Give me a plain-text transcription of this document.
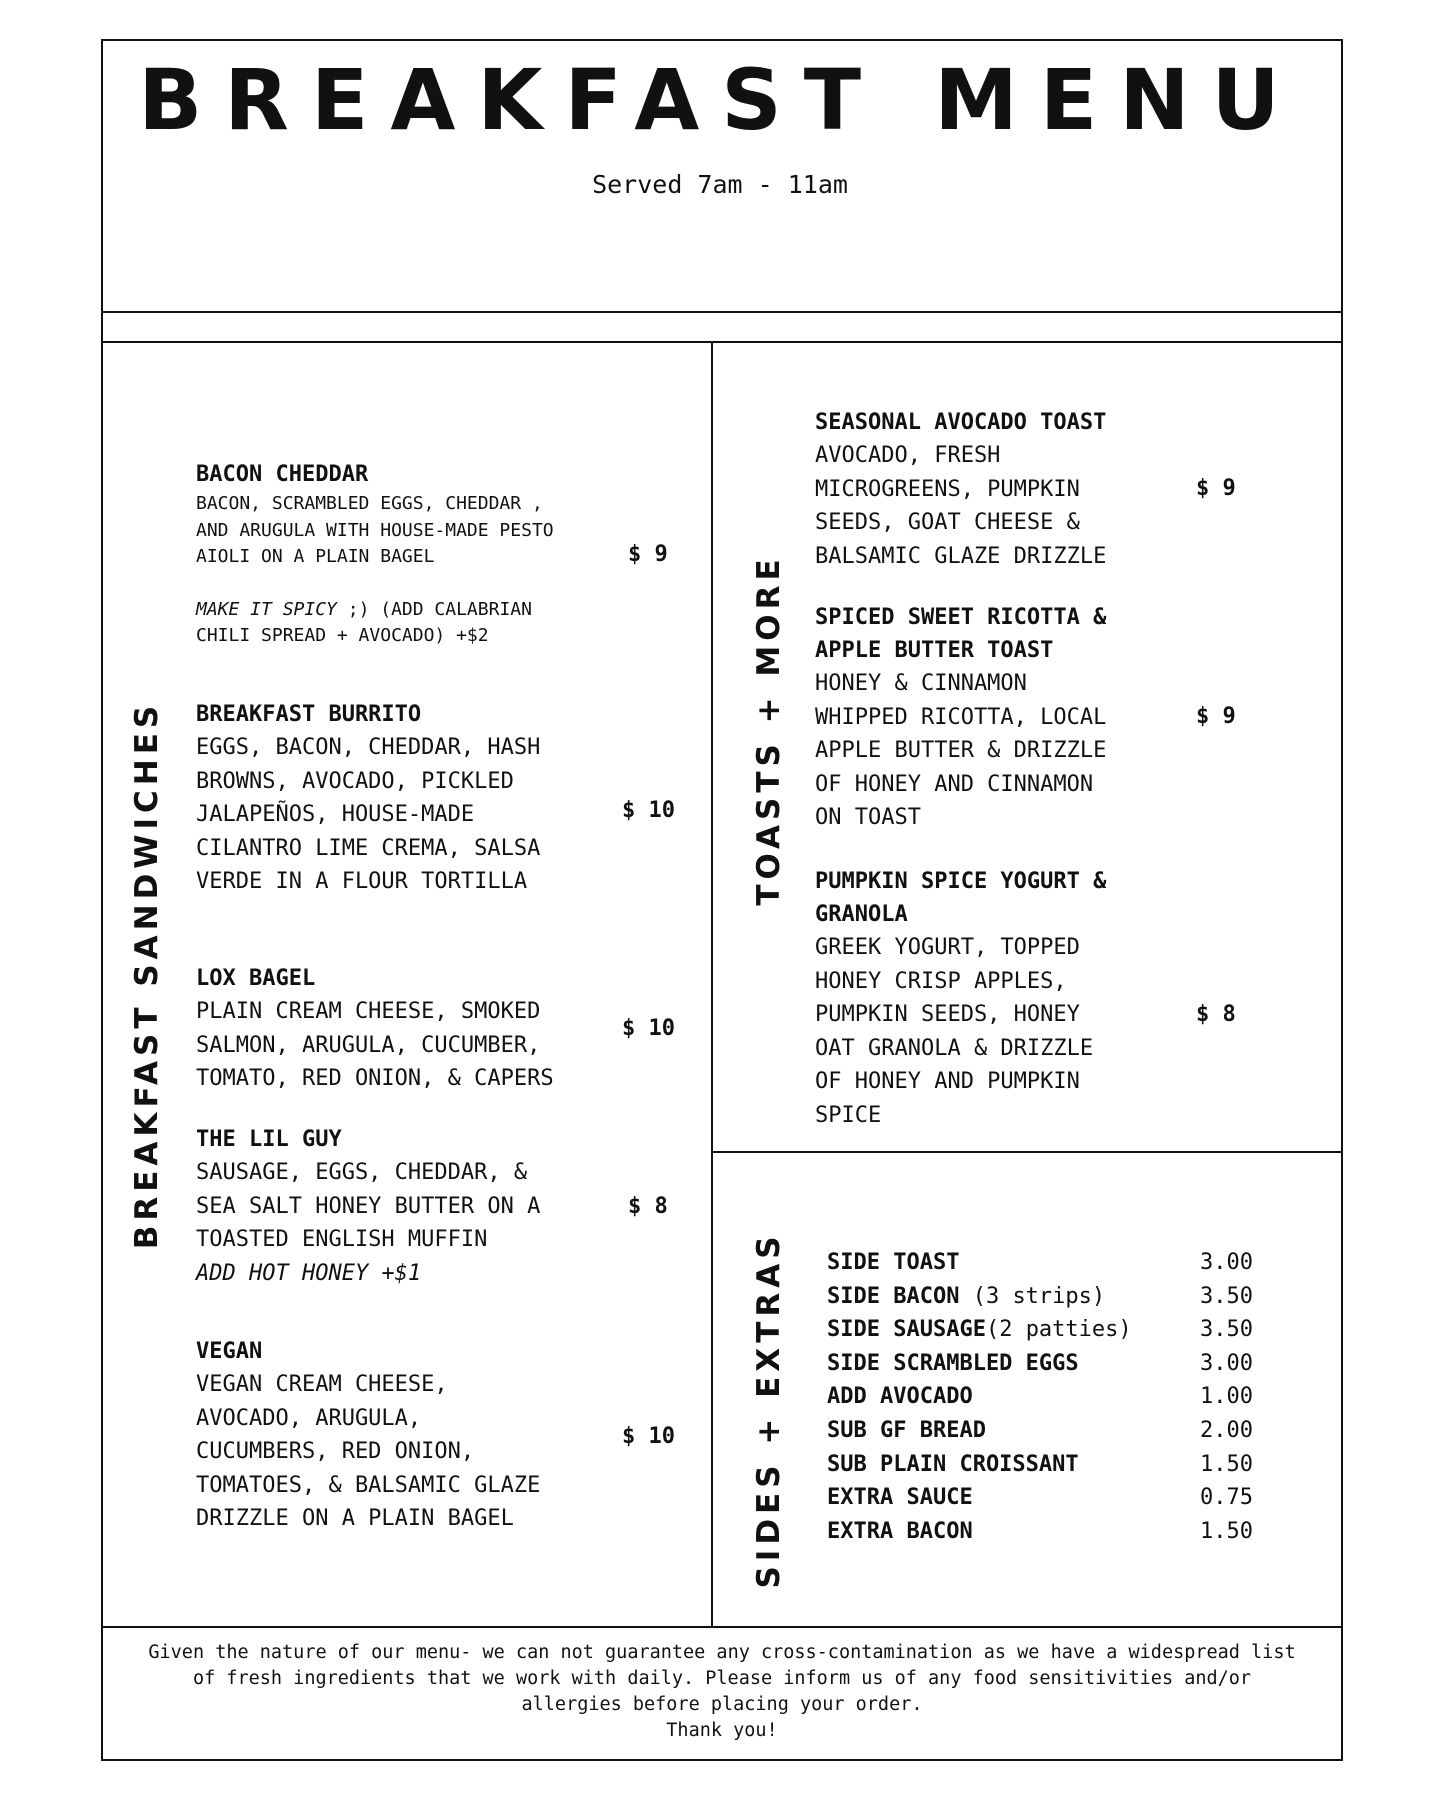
BREAKFAST MENU
Served 7am - 11am
BREAKFAST SANDWICHES	TOASTS + MORE
SIDES + EXTRAS
BACON CHEDDAR
BACON, SCRAMBLED EGGS, CHEDDAR ,
AND ARUGULA WITH HOUSE-MADE PESTO
AIOLI ON A PLAIN BAGEL
MAKE IT SPICY ;) (ADD CALABRIAN
CHILI SPREAD + AVOCADO) +$2
$ 9
BREAKFAST BURRITO
EGGS, BACON, CHEDDAR, HASH
BROWNS, AVOCADO, PICKLED
JALAPEÑOS, HOUSE-MADE
CILANTRO LIME CREMA, SALSA
VERDE IN A FLOUR TORTILLA
$ 10
LOX BAGEL
PLAIN CREAM CHEESE, SMOKED
SALMON, ARUGULA, CUCUMBER,
TOMATO, RED ONION, & CAPERS
$ 10
THE LIL GUY
SAUSAGE, EGGS, CHEDDAR, &
SEA SALT HONEY BUTTER ON A
TOASTED ENGLISH MUFFIN
ADD HOT HONEY +$1
$ 8
VEGAN
VEGAN CREAM CHEESE,
AVOCADO, ARUGULA,
CUCUMBERS, RED ONION,
TOMATOES, & BALSAMIC GLAZE
DRIZZLE ON A PLAIN BAGEL
$ 10
SEASONAL AVOCADO TOAST
AVOCADO, FRESH
MICROGREENS, PUMPKIN
SEEDS, GOAT CHEESE &
BALSAMIC GLAZE DRIZZLE
$ 9
SPICED SWEET RICOTTA &
APPLE BUTTER TOAST
HONEY & CINNAMON
WHIPPED RICOTTA, LOCAL
APPLE BUTTER & DRIZZLE
OF HONEY AND CINNAMON
ON TOAST
$ 9
PUMPKIN SPICE YOGURT &
GRANOLA
GREEK YOGURT, TOPPED
HONEY CRISP APPLES,
PUMPKIN SEEDS, HONEY
OAT GRANOLA & DRIZZLE
OF HONEY AND PUMPKIN
SPICE
$ 8
SIDE TOAST	3.00
SIDE BACON (3 strips)	3.50
SIDE SAUSAGE(2 patties)	3.50
SIDE SCRAMBLED EGGS	3.00
ADD AVOCADO	1.00
SUB GF BREAD	2.00
SUB PLAIN CROISSANT	1.50
EXTRA SAUCE	0.75
EXTRA BACON	1.50
Given the nature of our menu- we can not guarantee any cross-contamination as we have a widespread list
of fresh ingredients that we work with daily. Please inform us of any food sensitivities and/or
allergies before placing your order.
Thank you!
